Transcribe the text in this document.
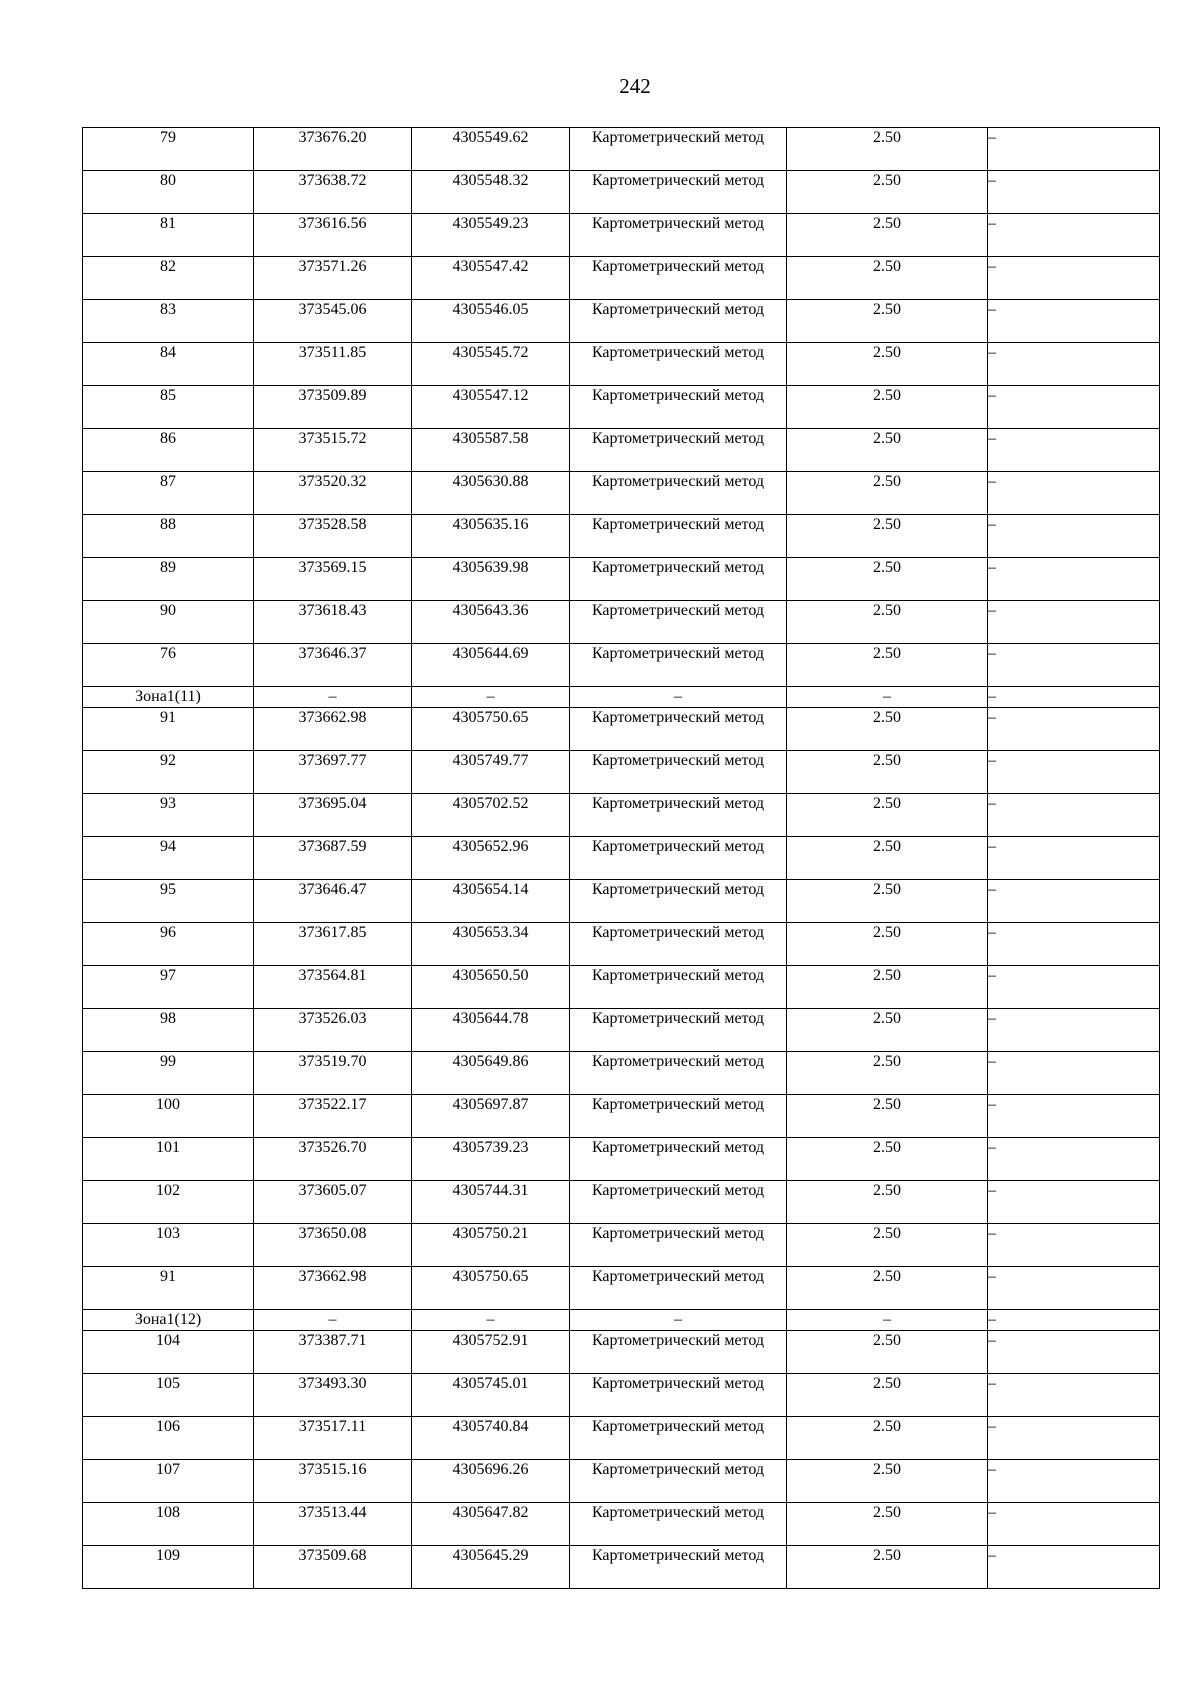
242
79	373676.20	4305549.62	Картометрический метод	2.50	–
80	373638.72	4305548.32	Картометрический метод	2.50	–
81	373616.56	4305549.23	Картометрический метод	2.50	–
82	373571.26	4305547.42	Картометрический метод	2.50	–
83	373545.06	4305546.05	Картометрический метод	2.50	–
84	373511.85	4305545.72	Картометрический метод	2.50	–
85	373509.89	4305547.12	Картометрический метод	2.50	–
86	373515.72	4305587.58	Картометрический метод	2.50	–
87	373520.32	4305630.88	Картометрический метод	2.50	–
88	373528.58	4305635.16	Картометрический метод	2.50	–
89	373569.15	4305639.98	Картометрический метод	2.50	–
90	373618.43	4305643.36	Картометрический метод	2.50	–
76	373646.37	4305644.69	Картометрический метод	2.50	–
Зона1(11)	–	–	–	–	–
91	373662.98	4305750.65	Картометрический метод	2.50	–
92	373697.77	4305749.77	Картометрический метод	2.50	–
93	373695.04	4305702.52	Картометрический метод	2.50	–
94	373687.59	4305652.96	Картометрический метод	2.50	–
95	373646.47	4305654.14	Картометрический метод	2.50	–
96	373617.85	4305653.34	Картометрический метод	2.50	–
97	373564.81	4305650.50	Картометрический метод	2.50	–
98	373526.03	4305644.78	Картометрический метод	2.50	–
99	373519.70	4305649.86	Картометрический метод	2.50	–
100	373522.17	4305697.87	Картометрический метод	2.50	–
101	373526.70	4305739.23	Картометрический метод	2.50	–
102	373605.07	4305744.31	Картометрический метод	2.50	–
103	373650.08	4305750.21	Картометрический метод	2.50	–
91	373662.98	4305750.65	Картометрический метод	2.50	–
Зона1(12)	–	–	–	–	–
104	373387.71	4305752.91	Картометрический метод	2.50	–
105	373493.30	4305745.01	Картометрический метод	2.50	–
106	373517.11	4305740.84	Картометрический метод	2.50	–
107	373515.16	4305696.26	Картометрический метод	2.50	–
108	373513.44	4305647.82	Картометрический метод	2.50	–
109	373509.68	4305645.29	Картометрический метод	2.50	–
